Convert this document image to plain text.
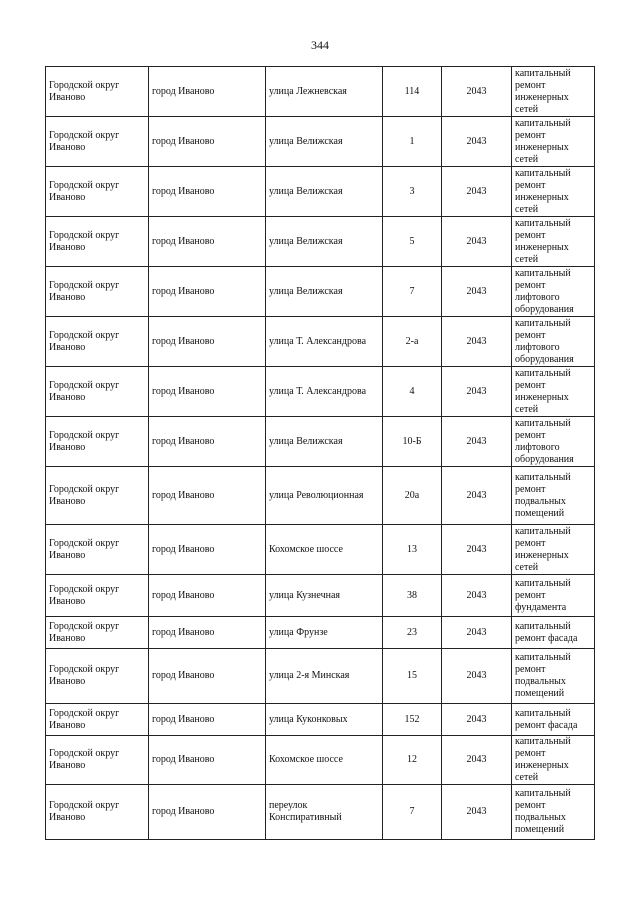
344
Городской округ Иваново	город Иваново	улица Лежневская	114	2043	капитальный ремонт инженерных сетей
Городской округ Иваново	город Иваново	улица Велижская	1	2043	капитальный ремонт инженерных сетей
Городской округ Иваново	город Иваново	улица Велижская	3	2043	капитальный ремонт инженерных сетей
Городской округ Иваново	город Иваново	улица Велижская	5	2043	капитальный ремонт инженерных сетей
Городской округ Иваново	город Иваново	улица Велижская	7	2043	капитальный ремонт лифтового оборудования
Городской округ Иваново	город Иваново	улица Т. Александрова	2-а	2043	капитальный ремонт лифтового оборудования
Городской округ Иваново	город Иваново	улица Т. Александрова	4	2043	капитальный ремонт инженерных сетей
Городской округ Иваново	город Иваново	улица Велижская	10-Б	2043	капитальный ремонт лифтового оборудования
Городской округ Иваново	город Иваново	улица Революционная	20а	2043	капитальный ремонт подвальных помещений
Городской округ Иваново	город Иваново	Кохомское шоссе	13	2043	капитальный ремонт инженерных сетей
Городской округ Иваново	город Иваново	улица Кузнечная	38	2043	капитальный ремонт фундамента
Городской округ Иваново	город Иваново	улица Фрунзе	23	2043	капитальный ремонт фасада
Городской округ Иваново	город Иваново	улица 2-я Минская	15	2043	капитальный ремонт подвальных помещений
Городской округ Иваново	город Иваново	улица Куконковых	152	2043	капитальный ремонт фасада
Городской округ Иваново	город Иваново	Кохомское шоссе	12	2043	капитальный ремонт инженерных сетей
Городской округ Иваново	город Иваново	переулок Конспиративный	7	2043	капитальный ремонт подвальных помещений
